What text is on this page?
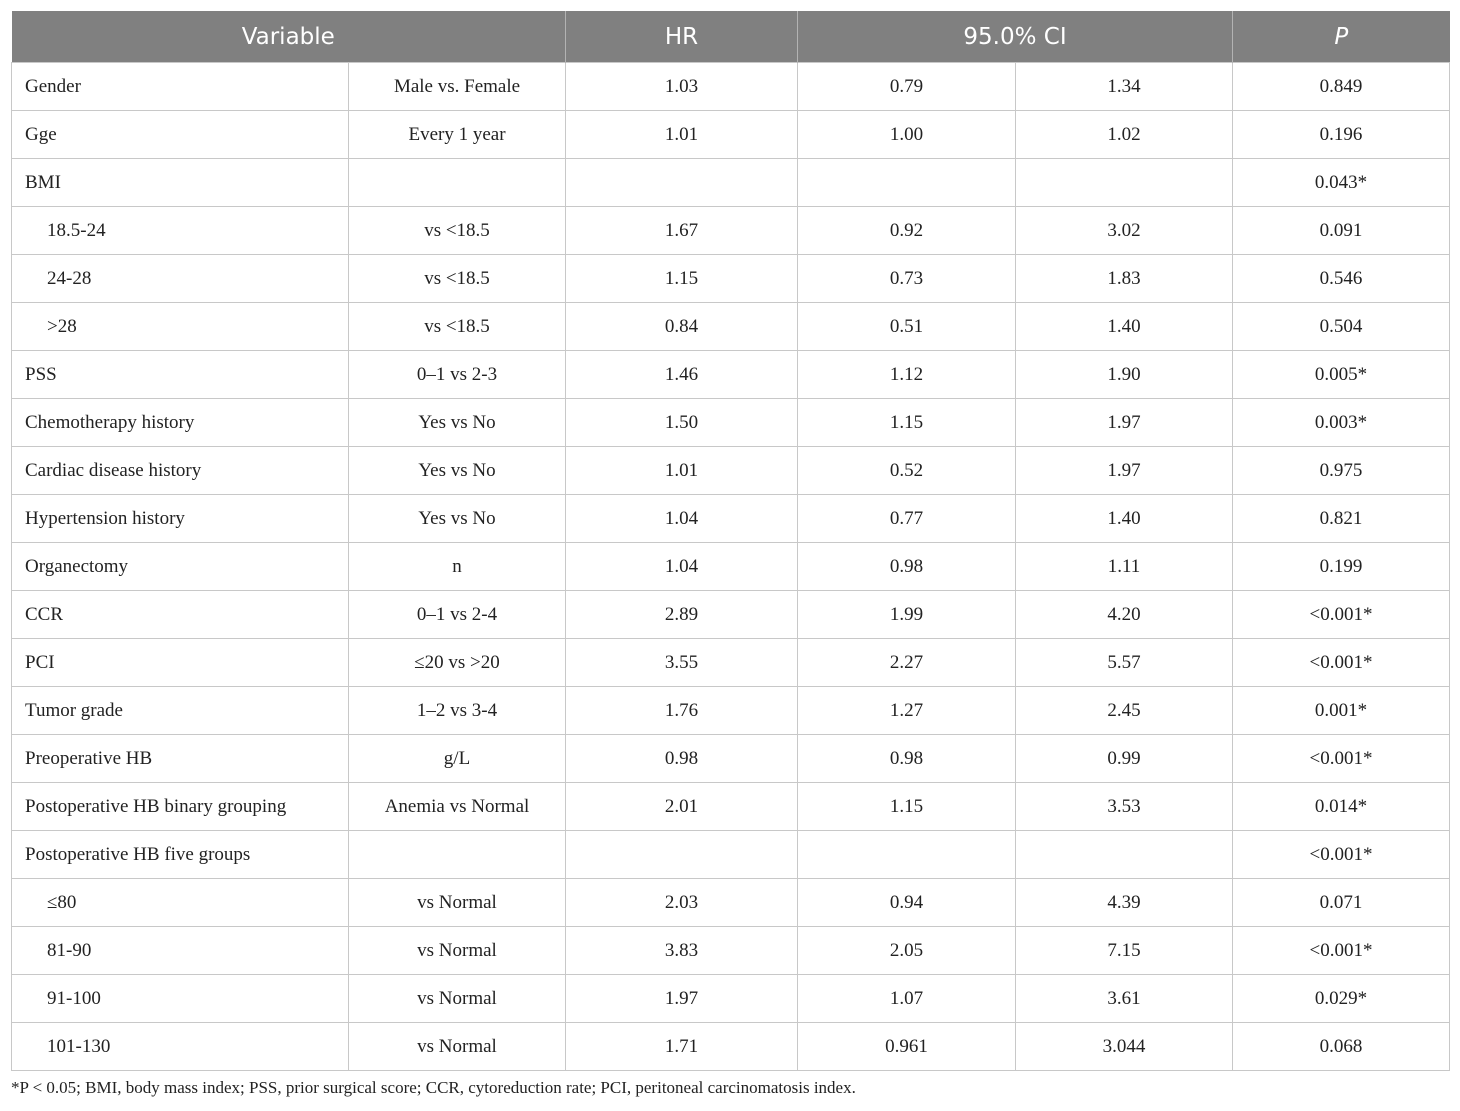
Variable		HR	95.0% CI		P
Gender	Male vs. Female	1.03	0.79	1.34	0.849
Gge	Every 1 year	1.01	1.00	1.02	0.196
BMI					0.043*
18.5-24	vs <18.5	1.67	0.92	3.02	0.091
24-28	vs <18.5	1.15	0.73	1.83	0.546
>28	vs <18.5	0.84	0.51	1.40	0.504
PSS	0–1 vs 2-3	1.46	1.12	1.90	0.005*
Chemotherapy history	Yes vs No	1.50	1.15	1.97	0.003*
Cardiac disease history	Yes vs No	1.01	0.52	1.97	0.975
Hypertension history	Yes vs No	1.04	0.77	1.40	0.821
Organectomy	n	1.04	0.98	1.11	0.199
CCR	0–1 vs 2-4	2.89	1.99	4.20	<0.001*
PCI	≤20 vs >20	3.55	2.27	5.57	<0.001*
Tumor grade	1–2 vs 3-4	1.76	1.27	2.45	0.001*
Preoperative HB	g/L	0.98	0.98	0.99	<0.001*
Postoperative HB binary grouping	Anemia vs Normal	2.01	1.15	3.53	0.014*
Postoperative HB five groups					<0.001*
≤80	vs Normal	2.03	0.94	4.39	0.071
81-90	vs Normal	3.83	2.05	7.15	<0.001*
91-100	vs Normal	1.97	1.07	3.61	0.029*
101-130	vs Normal	1.71	0.961	3.044	0.068
*P < 0.05; BMI, body mass index; PSS, prior surgical score; CCR, cytoreduction rate; PCI, peritoneal carcinomatosis index.
